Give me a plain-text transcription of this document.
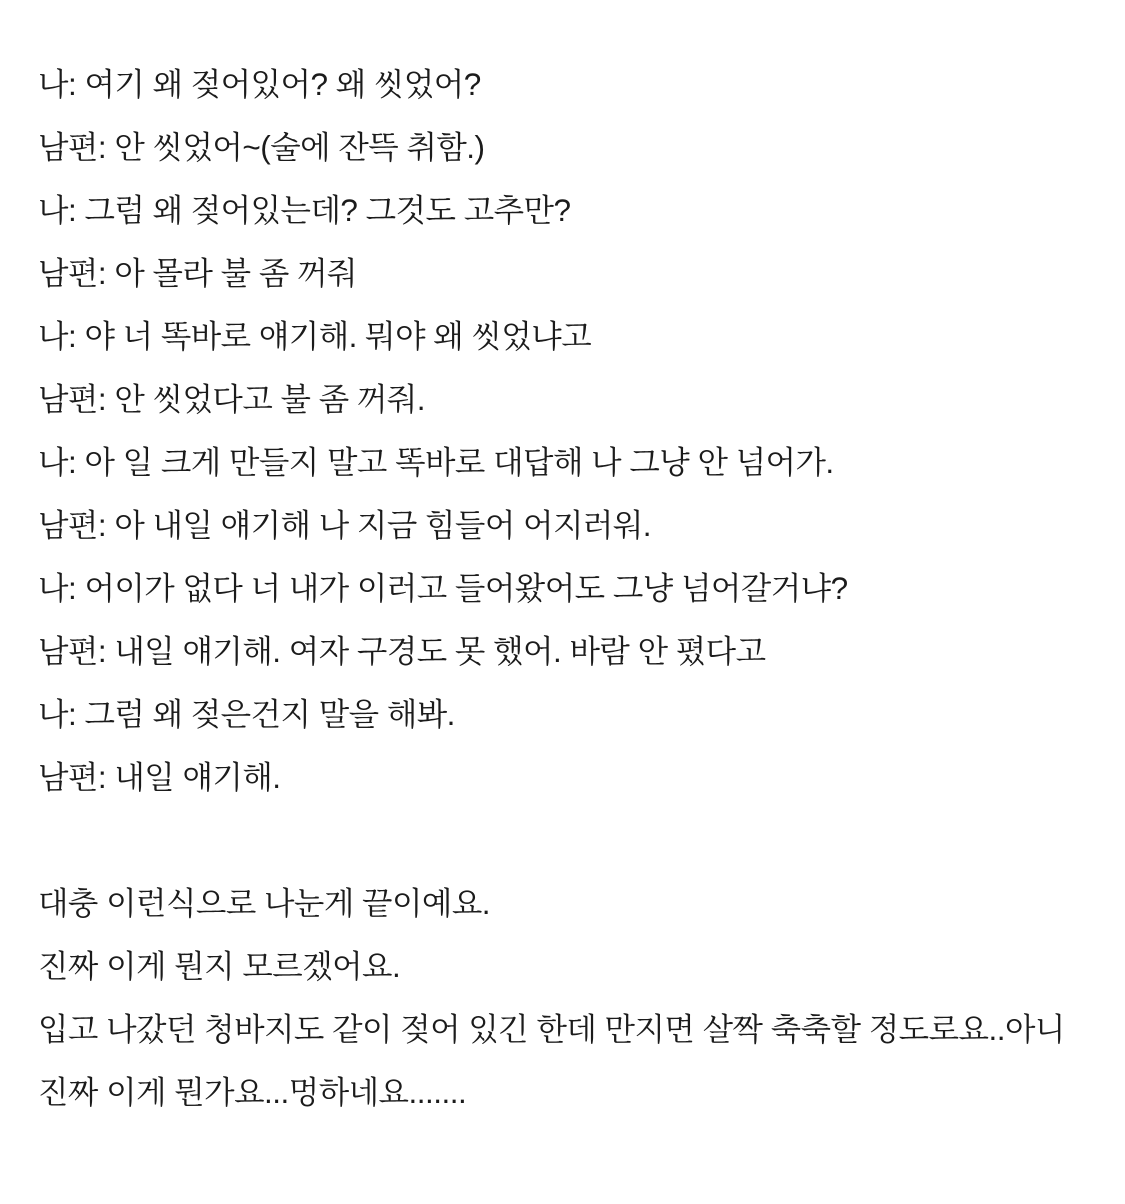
나: 여기 왜 젖어있어? 왜 씻었어?

남편: 안 씻었어~(술에 잔뜩 취함.)

나: 그럼 왜 젖어있는데? 그것도 고추만?

남편: 아 몰라 불 좀 꺼줘

나: 야 너 똑바로 얘기해. 뭐야 왜 씻었냐고

남편: 안 씻었다고 불 좀 꺼줘.

나: 아 일 크게 만들지 말고 똑바로 대답해 나 그냥 안 넘어가.

남편: 아 내일 얘기해 나 지금 힘들어 어지러워.

나: 어이가 없다 너 내가 이러고 들어왔어도 그냥 넘어갈거냐?

남편: 내일 얘기해. 여자 구경도 못 했어. 바람 안 폈다고

나: 그럼 왜 젖은건지 말을 해봐.

남편: 내일 얘기해.

대충 이런식으로 나눈게 끝이예요.

진짜 이게 뭔지 모르겠어요.

입고 나갔던 청바지도 같이 젖어 있긴 한데 만지면 살짝 축축할 정도로요..아니 진짜 이게 뭔가요...멍하네요.......
